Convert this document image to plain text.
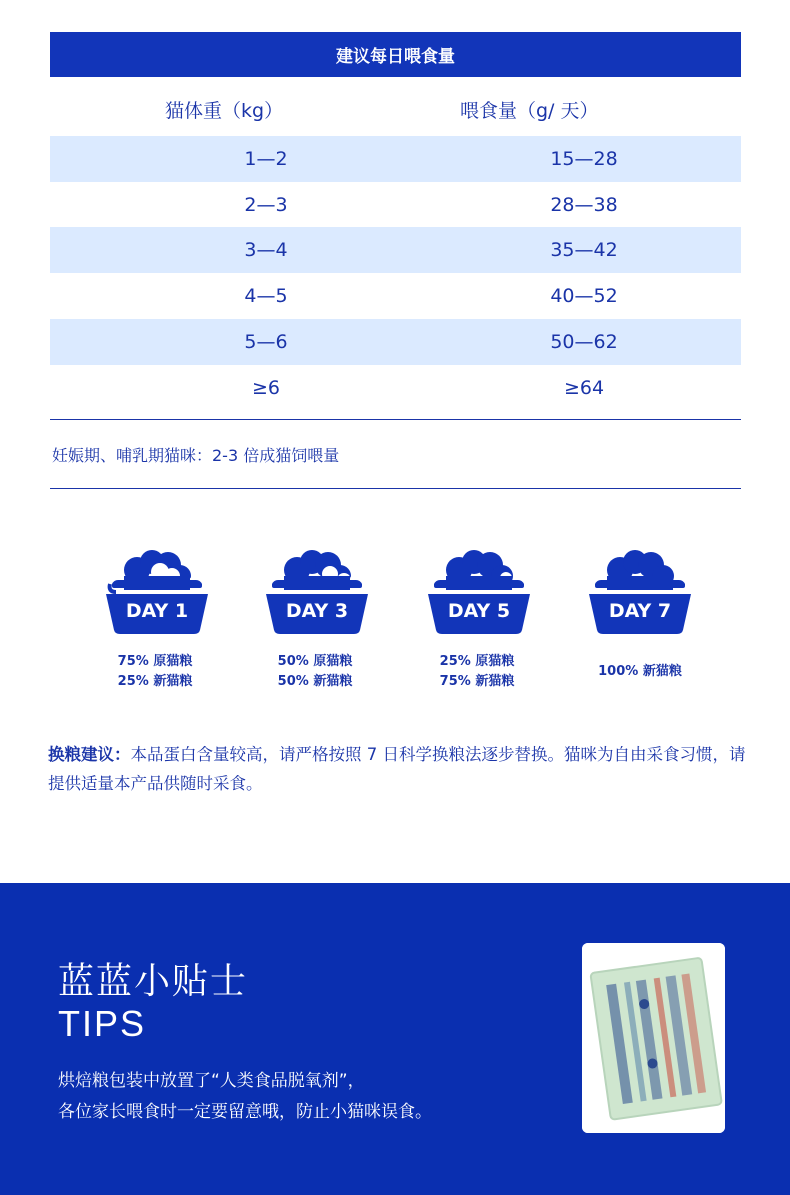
建议每日喂食量
猫体重（kg）	喂食量（g/ 天）
1—2	15—28
2—3	28—38
3—4	35—42
4—5	40—52
5—6	50—62
≥6	≥64
妊娠期、哺乳期猫咪：2-3 倍成猫饲喂量
DAY 1
75% 原猫粮
25% 新猫粮
DAY 3
50% 原猫粮
50% 新猫粮
DAY 5
25% 原猫粮
75% 新猫粮
DAY 7
100% 新猫粮
换粮建议：本品蛋白含量较高，请严格按照 7 日科学换粮法逐步替换。猫咪为自由采食习惯，请提供适量本产品供随时采食。
蓝蓝小贴士
TIPS
烘焙粮包装中放置了“人类食品脱氧剂”，
各位家长喂食时一定要留意哦，防止小猫咪误食。
